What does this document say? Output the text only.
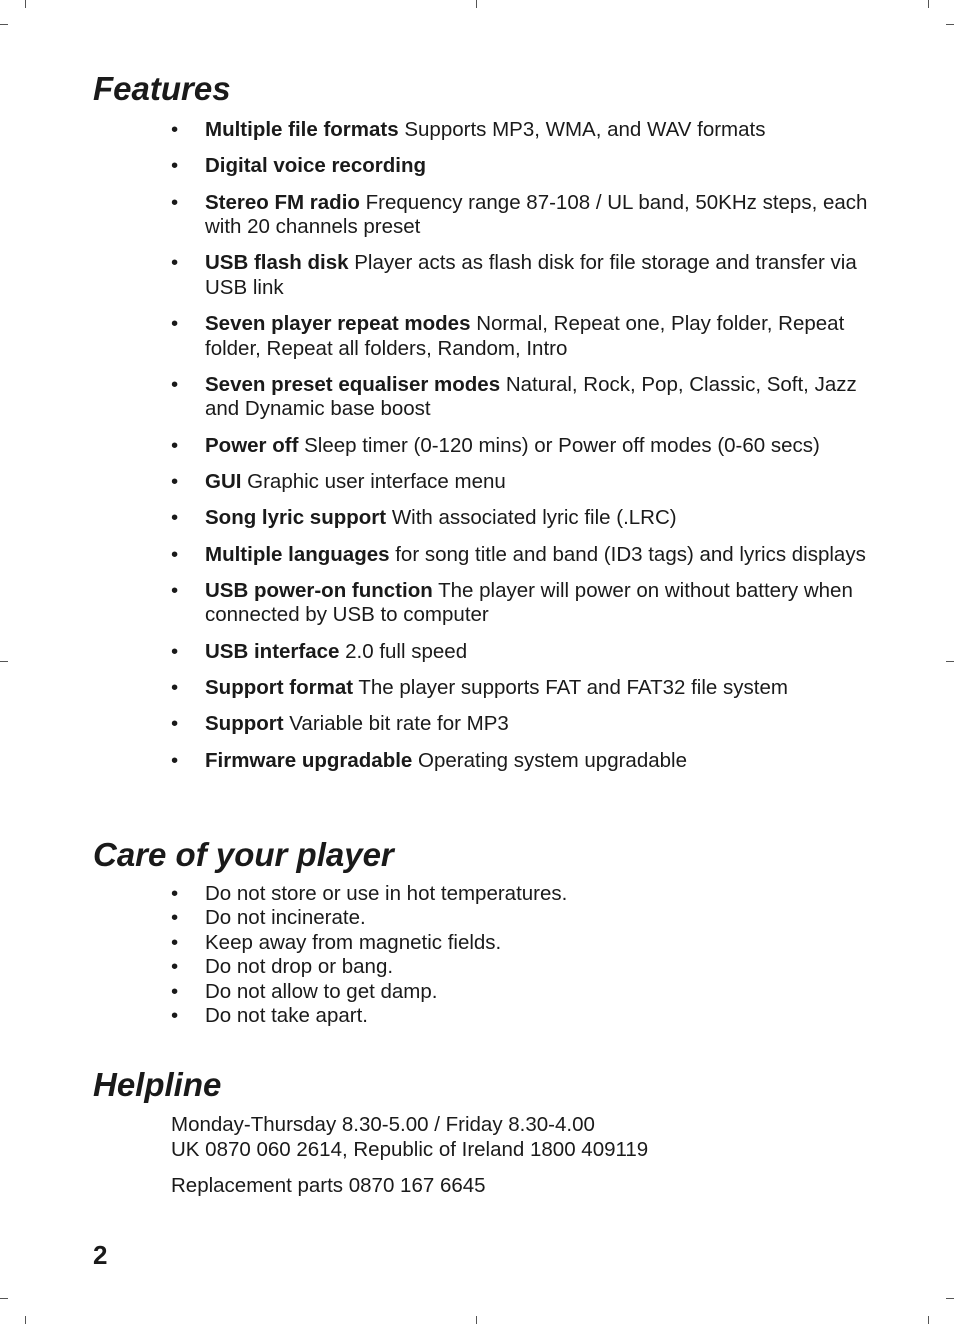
Features
• Multiple file formats Supports MP3, WMA, and WAV formats
• Digital voice recording
• Stereo FM radio Frequency range 87-108 / UL band, 50KHz steps, each with 20 channels preset
• USB flash disk Player acts as flash disk for file storage and transfer via USB link
• Seven player repeat modes Normal, Repeat one, Play folder, Repeat folder, Repeat all folders, Random, Intro
• Seven preset equaliser modes Natural, Rock, Pop, Classic, Soft, Jazz and Dynamic base boost
• Power off Sleep timer (0-120 mins) or Power off modes (0-60 secs)
• GUI Graphic user interface menu
• Song lyric support With associated lyric file (.LRC)
• Multiple languages for song title and band (ID3 tags) and lyrics displays
• USB power-on function The player will power on without battery when connected by USB to computer
• USB interface 2.0 full speed
• Support format The player supports FAT and FAT32 file system
• Support Variable bit rate for MP3
• Firmware upgradable Operating system upgradable
Care of your player
• Do not store or use in hot temperatures.
• Do not incinerate.
• Keep away from magnetic fields.
• Do not drop or bang.
• Do not allow to get damp.
• Do not take apart.
Helpline

Monday-Thursday 8.30-5.00 / Friday 8.30-4.00

UK 0870 060 2614, Republic of Ireland 1800 409119

Replacement parts 0870 167 6645

2
